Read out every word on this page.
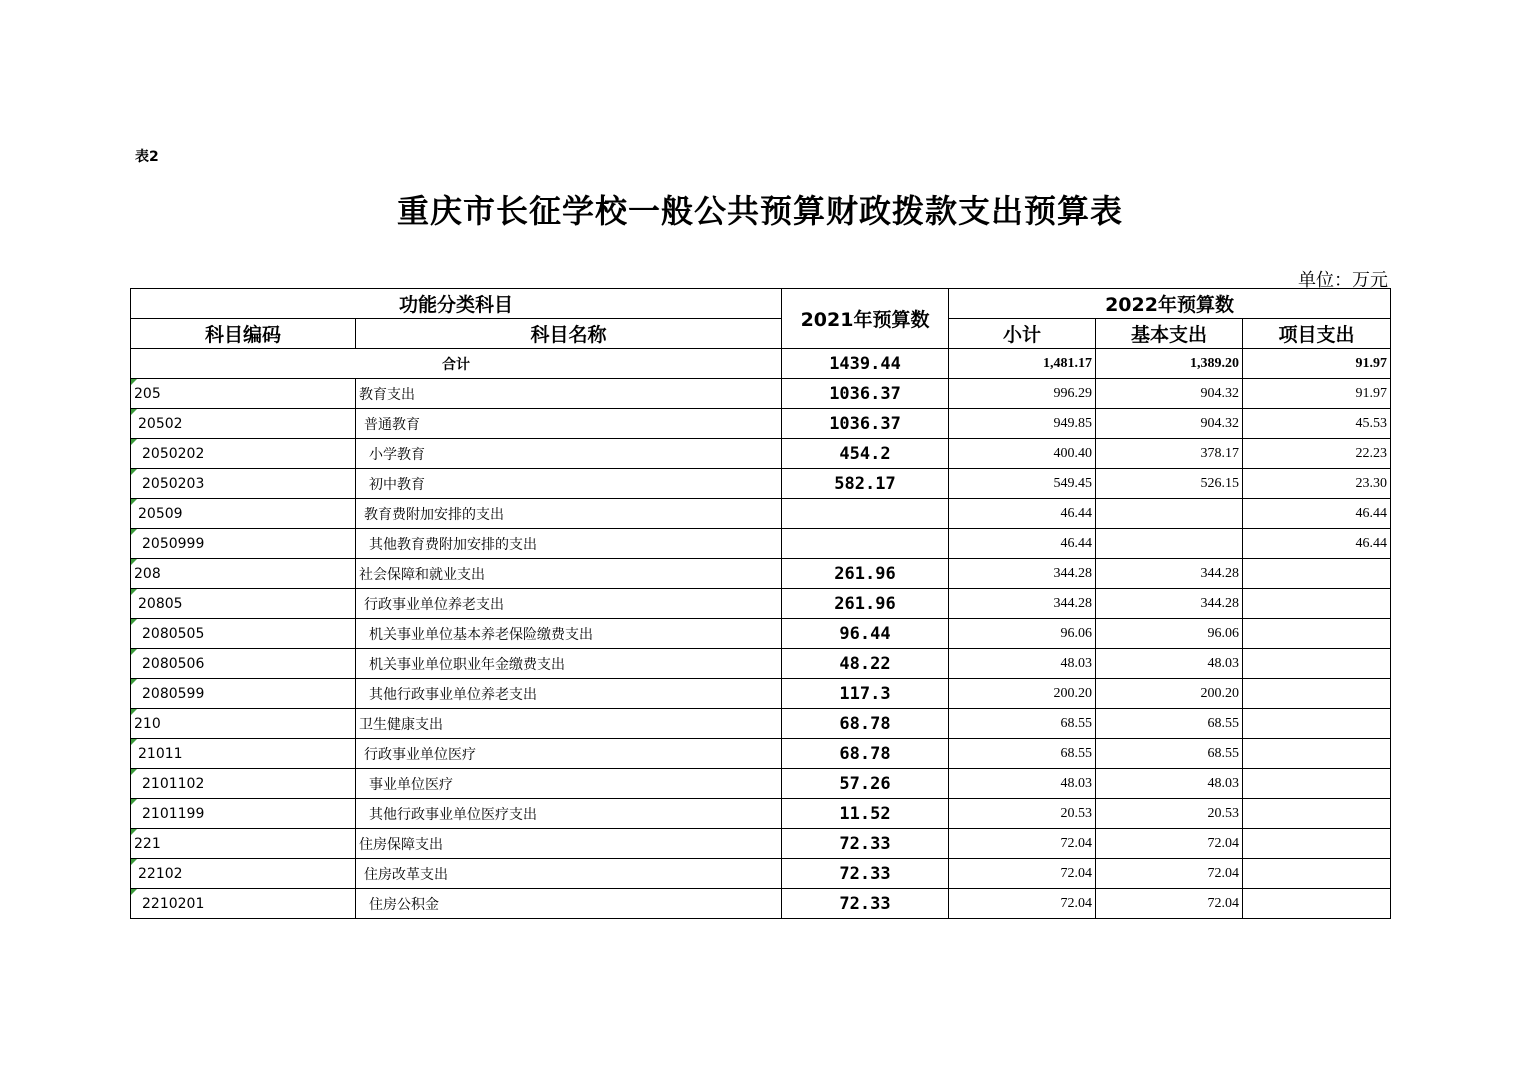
表2
重庆市长征学校一般公共预算财政拨款支出预算表
单位：万元
功能分类科目		2021年预算数	2022年预算数		
科目编码	科目名称		小计	基本支出	项目支出
合计		1439.44	1,481.17	1,389.20	91.97
205	教育支出	1036.37	996.29	904.32	91.97
20502	普通教育	1036.37	949.85	904.32	45.53
2050202	小学教育	454.2	400.40	378.17	22.23
2050203	初中教育	582.17	549.45	526.15	23.30
20509	教育费附加安排的支出		46.44		46.44
2050999	其他教育费附加安排的支出		46.44		46.44
208	社会保障和就业支出	261.96	344.28	344.28	
20805	行政事业单位养老支出	261.96	344.28	344.28	
2080505	机关事业单位基本养老保险缴费支出	96.44	96.06	96.06	
2080506	机关事业单位职业年金缴费支出	48.22	48.03	48.03	
2080599	其他行政事业单位养老支出	117.3	200.20	200.20	
210	卫生健康支出	68.78	68.55	68.55	
21011	行政事业单位医疗	68.78	68.55	68.55	
2101102	事业单位医疗	57.26	48.03	48.03	
2101199	其他行政事业单位医疗支出	11.52	20.53	20.53	
221	住房保障支出	72.33	72.04	72.04	
22102	住房改革支出	72.33	72.04	72.04	
2210201	住房公积金	72.33	72.04	72.04	
